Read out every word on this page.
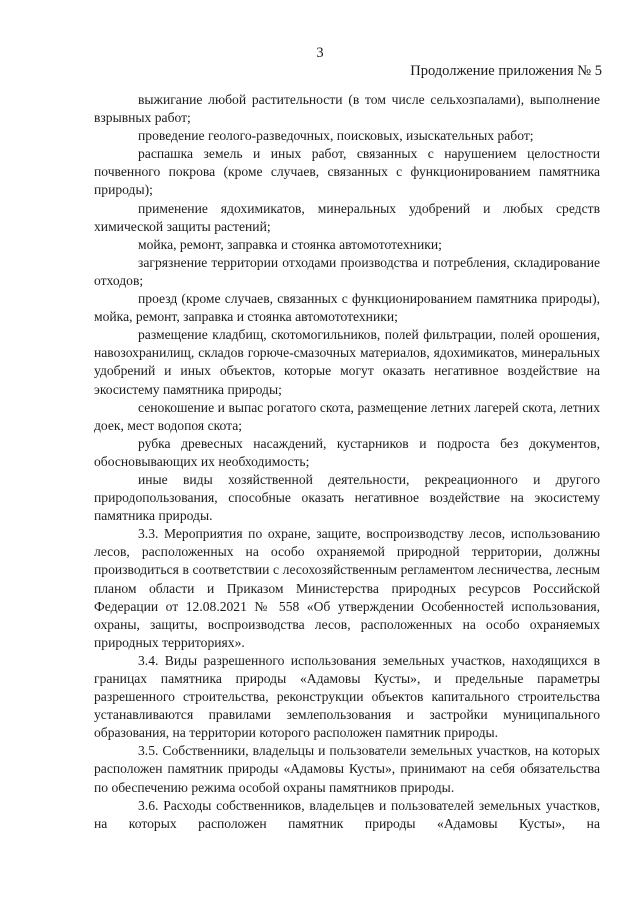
3
Продолжение приложения № 5

выжигание любой растительности (в том числе сельхозпалами), выполнение взрывных работ;

проведение геолого-разведочных, поисковых, изыскательных работ;

распашка земель и иных работ, связанных с нарушением целостности почвенного покрова (кроме случаев, связанных с функционированием памятника природы);

применение ядохимикатов, минеральных удобрений и любых средств химической защиты растений;

мойка, ремонт, заправка и стоянка автомототехники;

загрязнение территории отходами производства и потребления, складирование отходов;

проезд (кроме случаев, связанных с функционированием памятника природы), мойка, ремонт, заправка и стоянка автомототехники;

размещение кладбищ, скотомогильников, полей фильтрации, полей орошения, навозохранилищ, складов горюче-смазочных материалов, ядохимикатов, минеральных удобрений и иных объектов, которые могут оказать негативное воздействие на экосистему памятника природы;

сенокошение и выпас рогатого скота, размещение летних лагерей скота, летних доек, мест водопоя скота;

рубка древесных насаждений, кустарников и подроста без документов, обосновывающих их необходимость;

иные виды хозяйственной деятельности, рекреационного и другого природопользования, способные оказать негативное воздействие на экосистему памятника природы.

3.3. Мероприятия по охране, защите, воспроизводству лесов, использованию лесов, расположенных на особо охраняемой природной территории, должны производиться в соответствии с лесохозяйственным регламентом лесничества, лесным планом области и Приказом Министерства природных ресурсов Российской Федерации от 12.08.2021 № 558 «Об утверждении Особенностей использования, охраны, защиты, воспроизводства лесов, расположенных на особо охраняемых природных территориях».

3.4. Виды разрешенного использования земельных участков, находящихся в границах памятника природы «Адамовы Кусты», и предельные параметры разрешенного строительства, реконструкции объектов капитального строительства устанавливаются правилами землепользования и застройки муниципального образования, на территории которого расположен памятник природы.

3.5. Собственники, владельцы и пользователи земельных участков, на которых расположен памятник природы «Адамовы Кусты», принимают на себя обязательства по обеспечению режима особой охраны памятников природы.

3.6. Расходы собственников, владельцев и пользователей земельных участков, на которых расположен памятник природы «Адамовы Кусты», на
